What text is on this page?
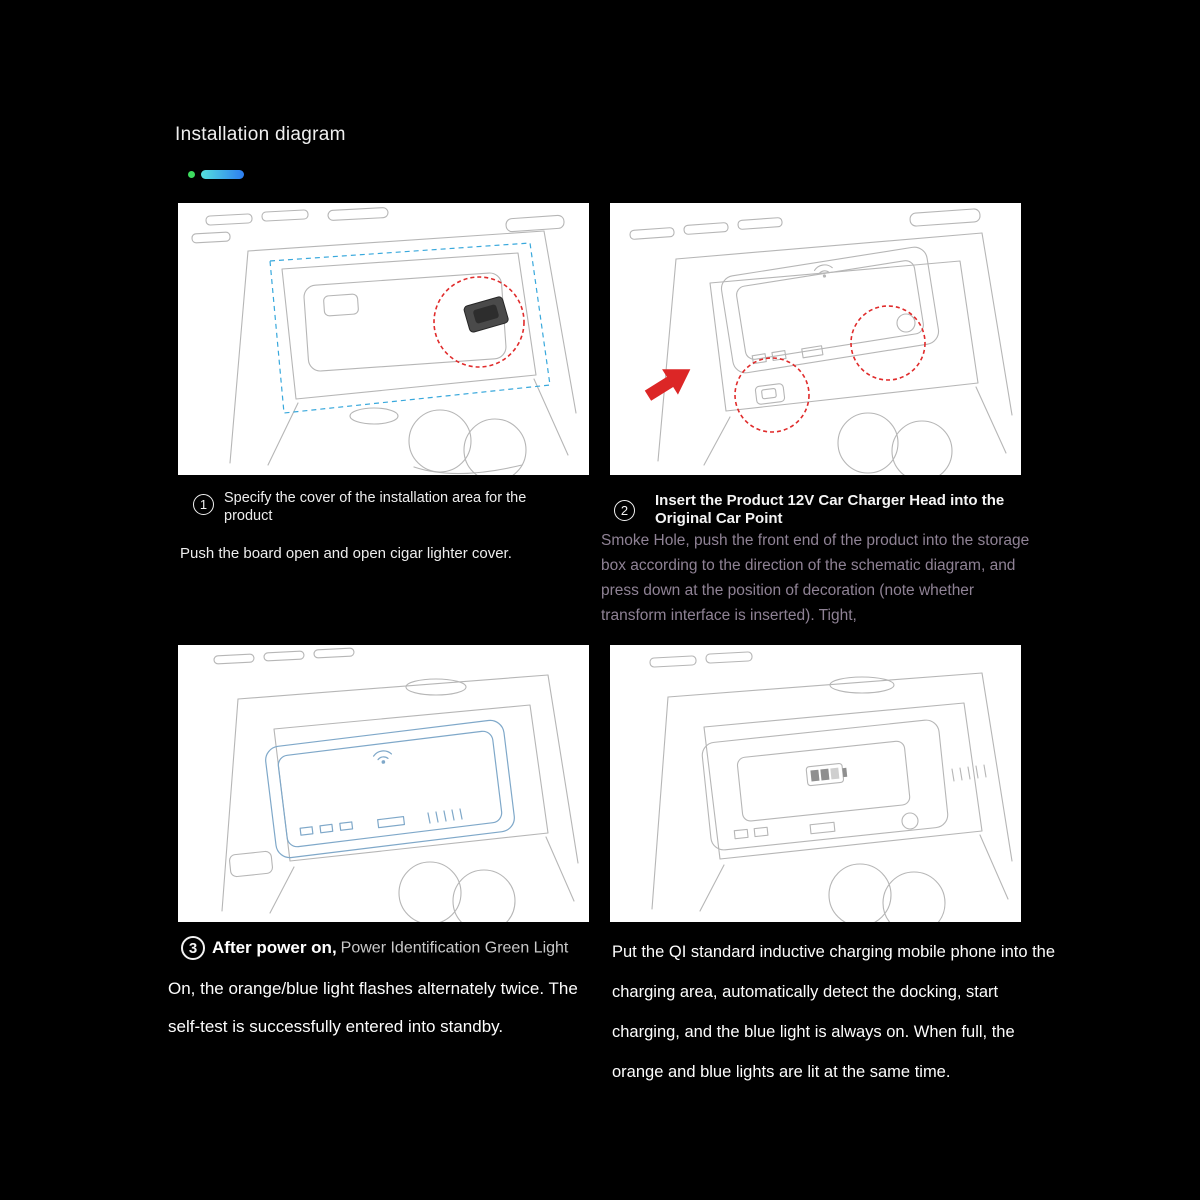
Installation diagram
1	Specify the cover of the installation area for the product
Push the board open and open cigar lighter cover.
2
Insert the Product 12V Car Charger Head into the Original Car Point
Smoke Hole, push the front end of the product into the storage box according to the direction of the schematic diagram, and press down at the position of decoration (note whether transform interface is inserted). Tight,
3 After power on, Power Identification Green Light
On, the orange/blue light flashes alternately twice. The self-test is successfully entered into standby.
Put the QI standard inductive charging mobile phone into the charging area, automatically detect the docking, start charging, and the blue light is always on. When full, the orange and blue lights are lit at the same time.
